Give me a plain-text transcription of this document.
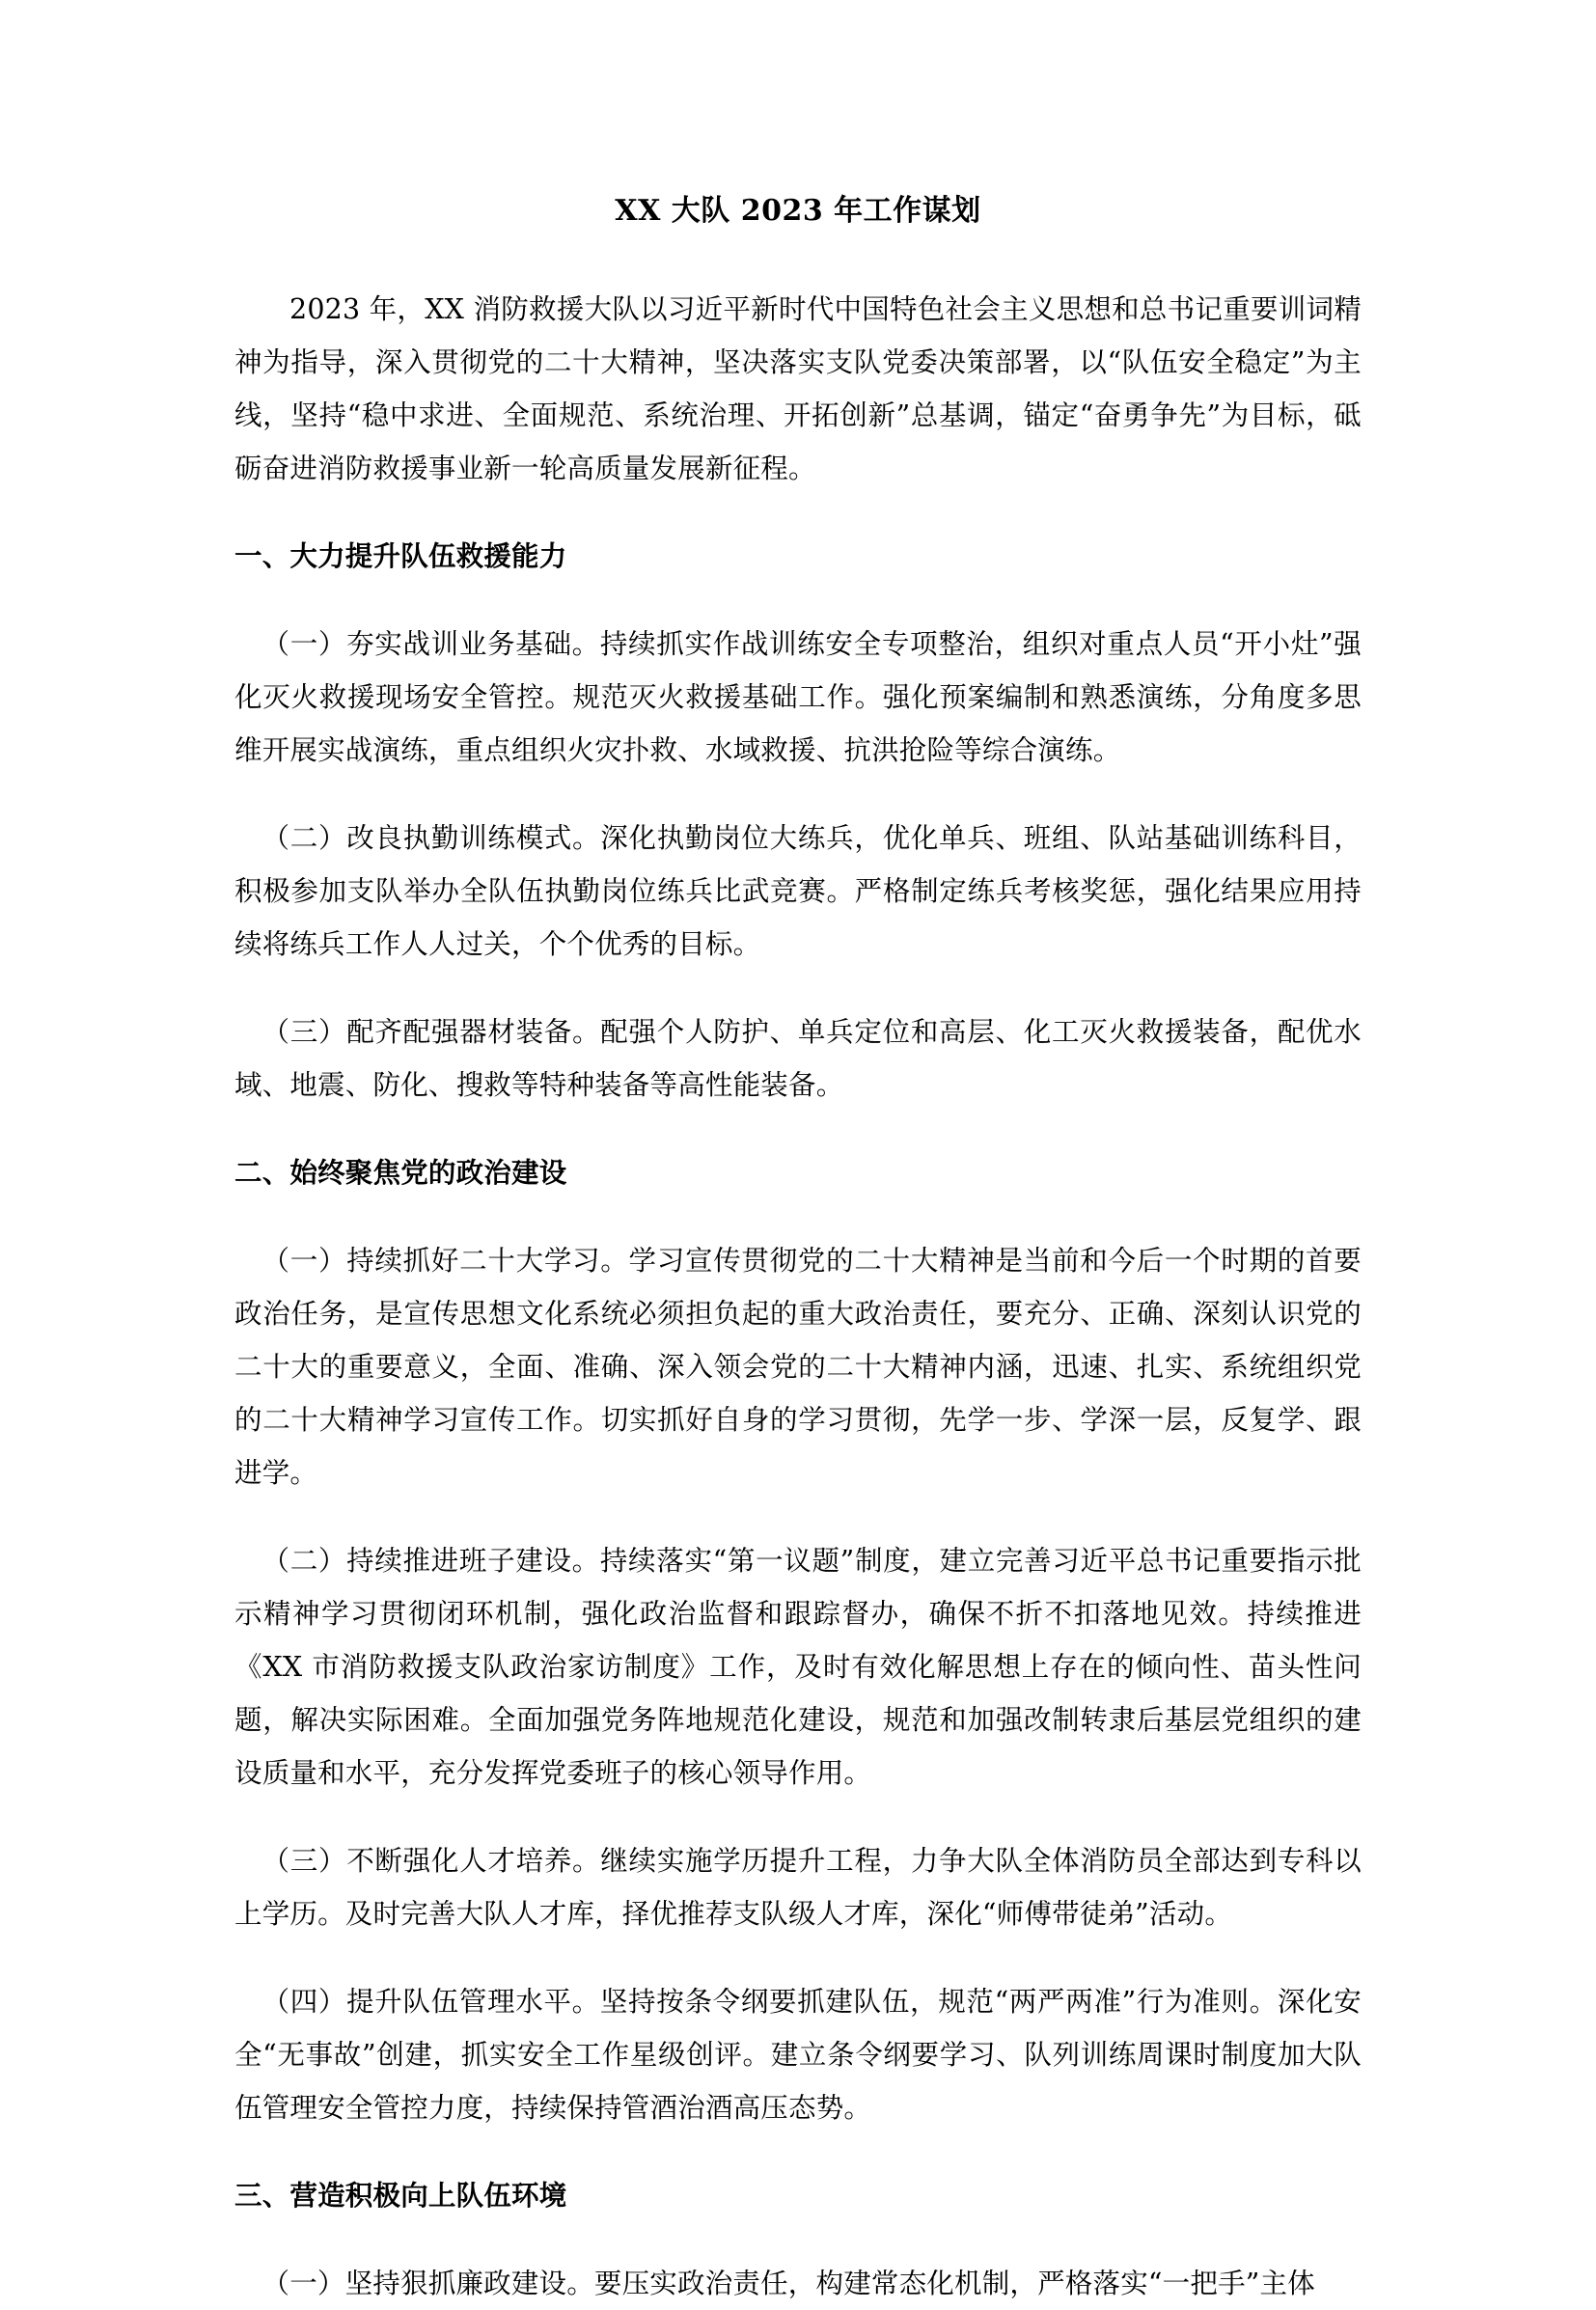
XX 大队 2023 年工作谋划

2023 年，XX 消防救援大队以习近平新时代中国特色社会主义思想和总书记重要训词精神为指导，深入贯彻党的二十大精神，坚决落实支队党委决策部署，以“队伍安全稳定”为主线，坚持“稳中求进、全面规范、系统治理、开拓创新”总基调，锚定“奋勇争先”为目标，砥砺奋进消防救援事业新一轮高质量发展新征程。

一、大力提升队伍救援能力

（一）夯实战训业务基础。持续抓实作战训练安全专项整治，组织对重点人员“开小灶”强化灭火救援现场安全管控。规范灭火救援基础工作。强化预案编制和熟悉演练，分角度多思维开展实战演练，重点组织火灾扑救、水域救援、抗洪抢险等综合演练。

（二）改良执勤训练模式。深化执勤岗位大练兵，优化单兵、班组、队站基础训练科目，积极参加支队举办全队伍执勤岗位练兵比武竞赛。严格制定练兵考核奖惩，强化结果应用持续将练兵工作人人过关，个个优秀的目标。

（三）配齐配强器材装备。配强个人防护、单兵定位和高层、化工灭火救援装备，配优水域、地震、防化、搜救等特种装备等高性能装备。

二、始终聚焦党的政治建设

（一）持续抓好二十大学习。学习宣传贯彻党的二十大精神是当前和今后一个时期的首要政治任务，是宣传思想文化系统必须担负起的重大政治责任，要充分、正确、深刻认识党的二十大的重要意义，全面、准确、深入领会党的二十大精神内涵，迅速、扎实、系统组织党的二十大精神学习宣传工作。切实抓好自身的学习贯彻，先学一步、学深一层，反复学、跟进学。

（二）持续推进班子建设。持续落实“第一议题”制度，建立完善习近平总书记重要指示批示精神学习贯彻闭环机制，强化政治监督和跟踪督办，确保不折不扣落地见效。持续推进《XX 市消防救援支队政治家访制度》工作，及时有效化解思想上存在的倾向性、苗头性问题，解决实际困难。全面加强党务阵地规范化建设，规范和加强改制转隶后基层党组织的建设质量和水平，充分发挥党委班子的核心领导作用。

（三）不断强化人才培养。继续实施学历提升工程，力争大队全体消防员全部达到专科以上学历。及时完善大队人才库，择优推荐支队级人才库，深化“师傅带徒弟”活动。

（四）提升队伍管理水平。坚持按条令纲要抓建队伍，规范“两严两准”行为准则。深化安全“无事故”创建，抓实安全工作星级创评。建立条令纲要学习、队列训练周课时制度加大队伍管理安全管控力度，持续保持管酒治酒高压态势。

三、营造积极向上队伍环境

（一）坚持狠抓廉政建设。要压实政治责任，构建常态化机制，严格落实“一把手”主体
